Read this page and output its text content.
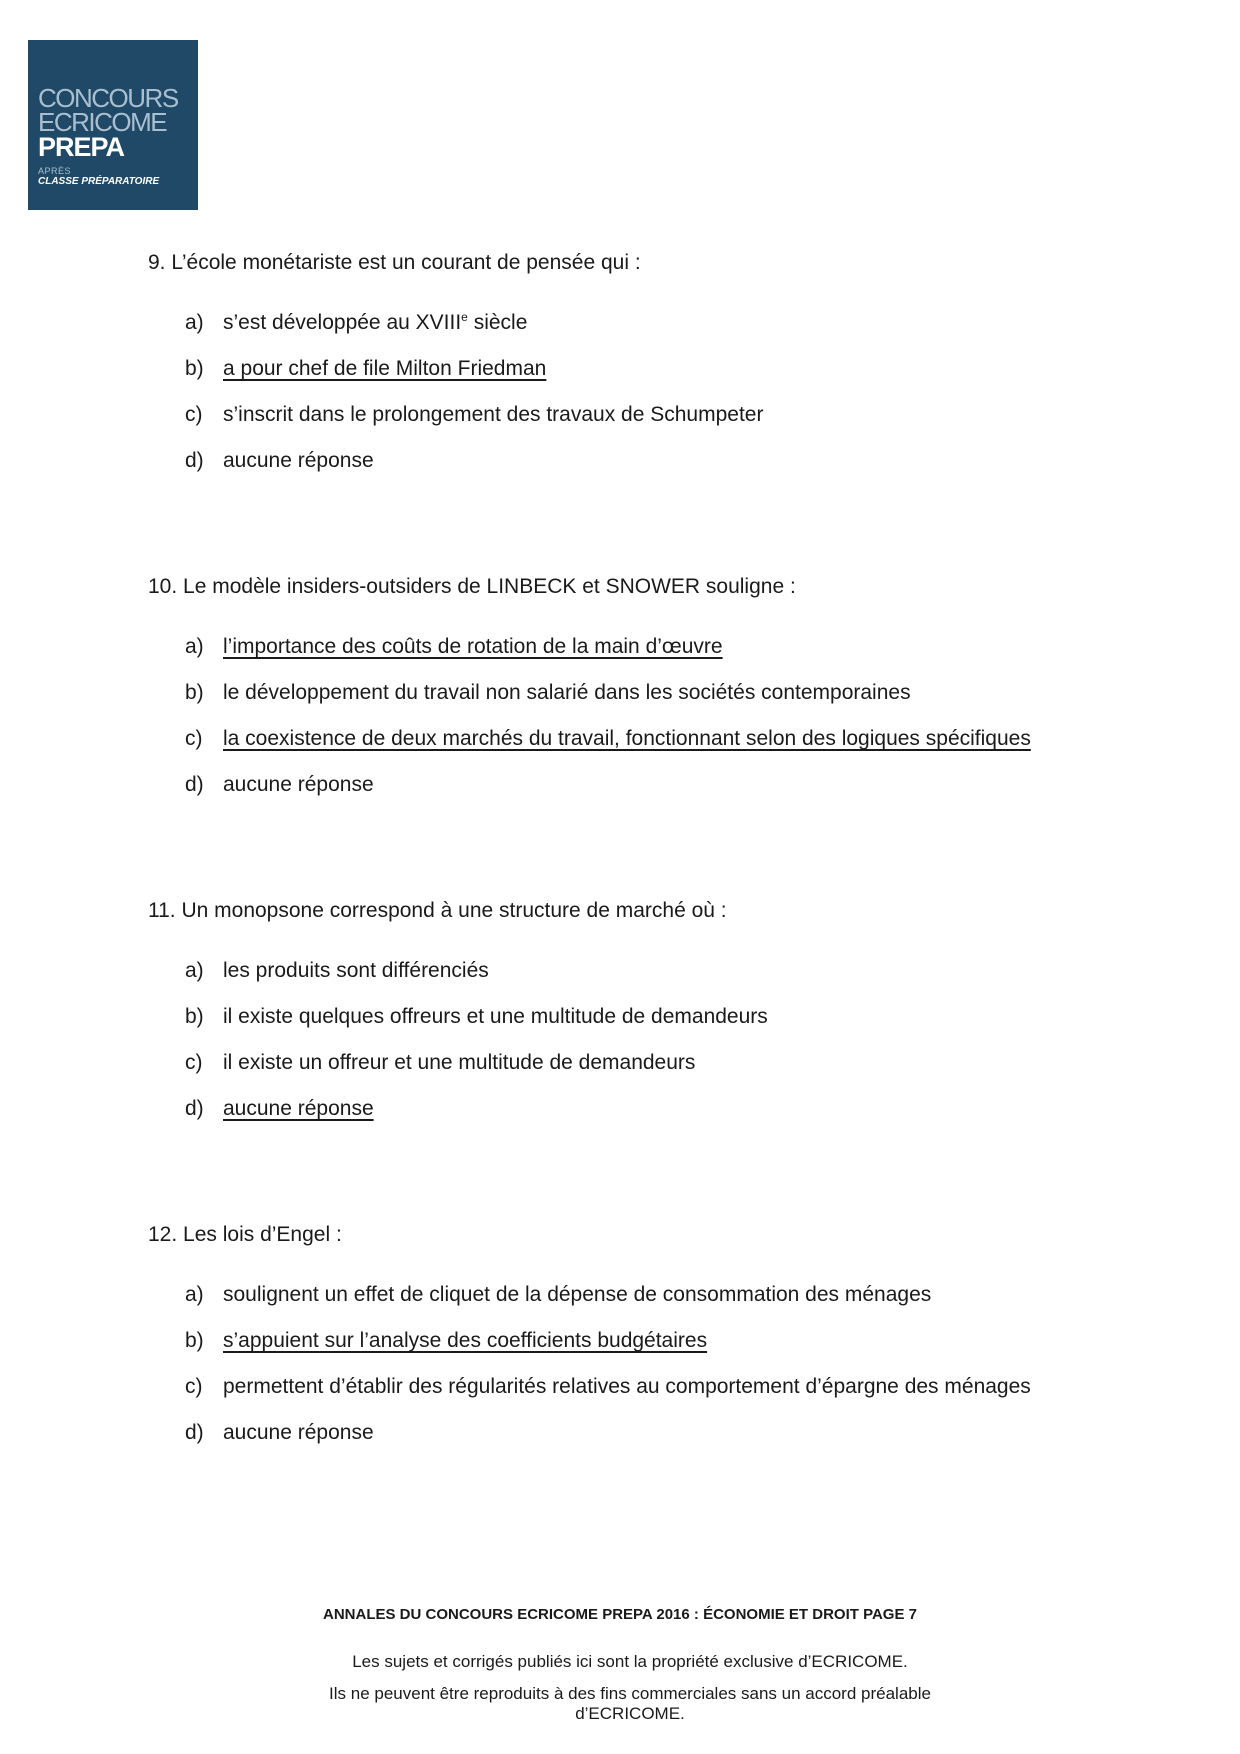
CONCOURS
ECRICOME
PREPA
APRÈS
CLASSE PRÉPARATOIRE
9. L’école monétariste est un courant de pensée qui :
a) s’est développée au XVIIIe siècle
b) a pour chef de file Milton Friedman
c) s’inscrit dans le prolongement des travaux de Schumpeter
d) aucune réponse
10. Le modèle insiders-outsiders de LINBECK et SNOWER souligne :
a) l’importance des coûts de rotation de la main d’œuvre
b) le développement du travail non salarié dans les sociétés contemporaines
c) la coexistence de deux marchés du travail, fonctionnant selon des logiques spécifiques
d) aucune réponse
11. Un monopsone correspond à une structure de marché où :
a) les produits sont différenciés
b) il existe quelques offreurs et une multitude de demandeurs
c) il existe un offreur et une multitude de demandeurs
d) aucune réponse
12. Les lois d’Engel :
a) soulignent un effet de cliquet de la dépense de consommation des ménages
b) s’appuient sur l’analyse des coefficients budgétaires
c) permettent d’établir des régularités relatives au comportement d’épargne des ménages
d) aucune réponse
ANNALES DU CONCOURS ECRICOME PREPA 2016 : ÉCONOMIE ET DROIT PAGE 7
Les sujets et corrigés publiés ici sont la propriété exclusive d’ECRICOME.
Ils ne peuvent être reproduits à des fins commerciales sans un accord préalable d’ECRICOME.
